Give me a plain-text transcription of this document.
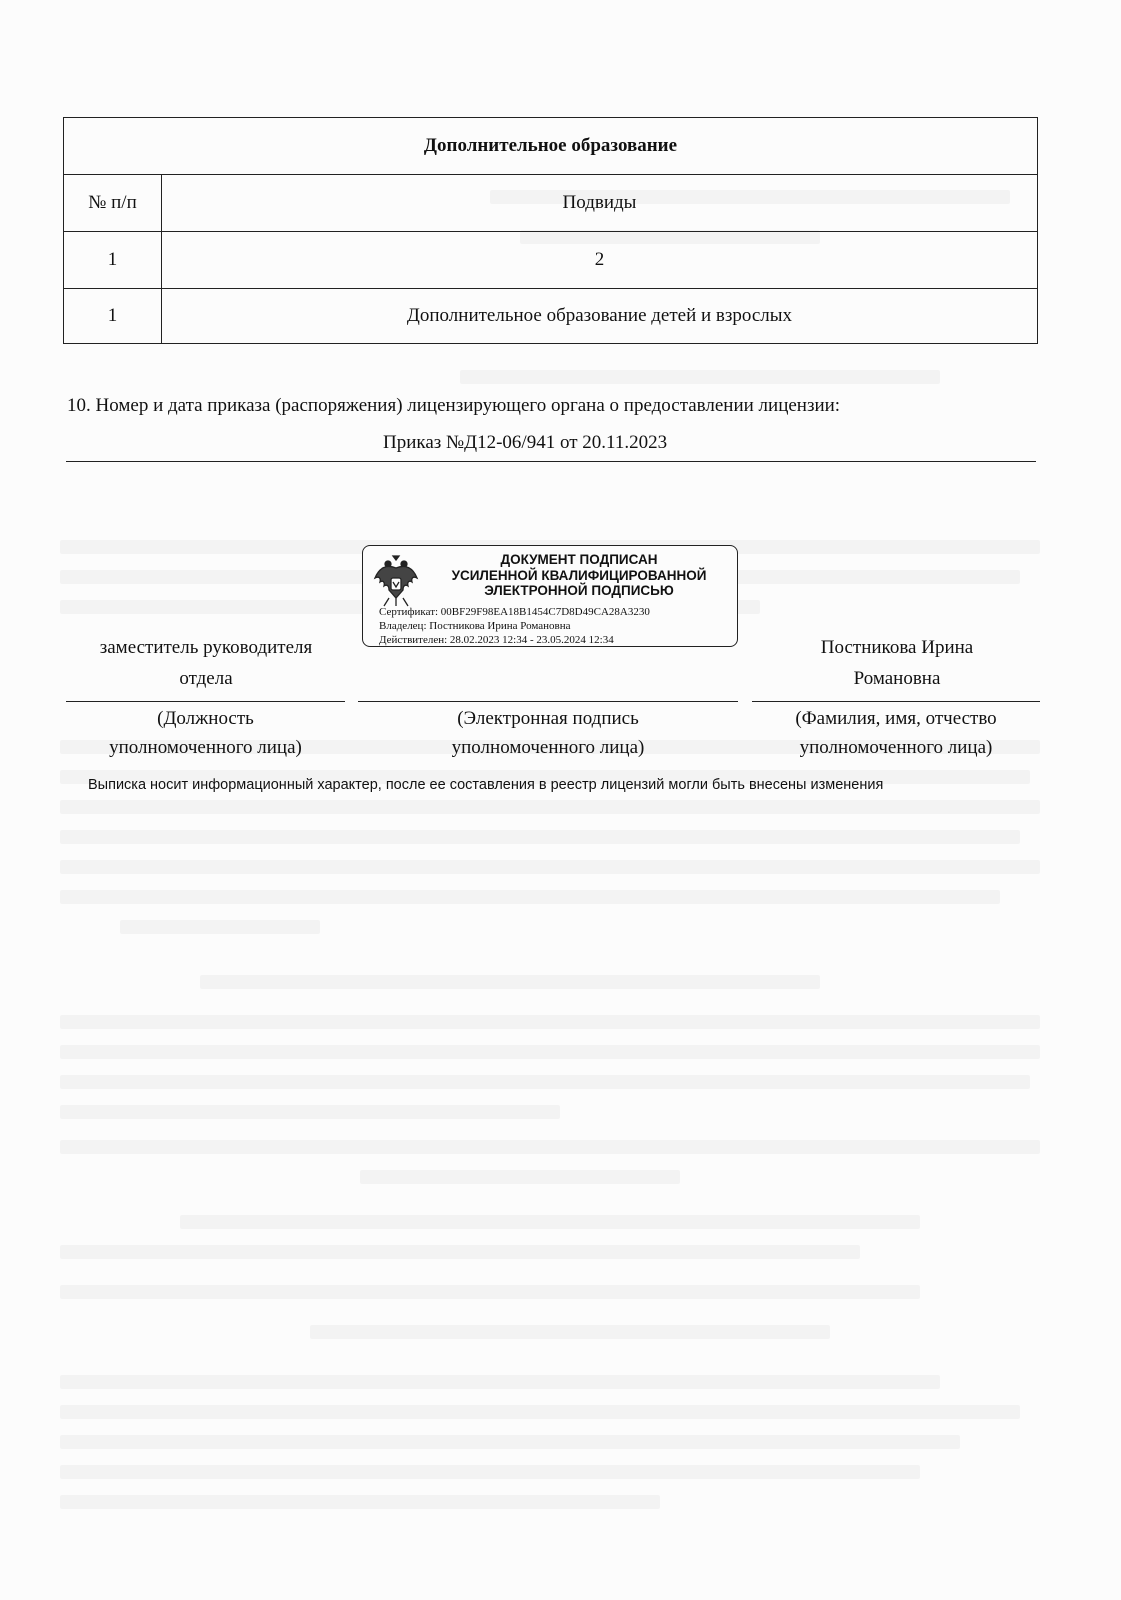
Дополнительное образование	
№ п/п	Подвиды
1	2
1	Дополнительное образование детей и взрослых
10. Номер и дата приказа (распоряжения) лицензирующего органа о предоставлении лицензии:
Приказ №Д12-06/941 от 20.11.2023
ДОКУМЕНТ ПОДПИСАН
УСИЛЕННОЙ КВАЛИФИЦИРОВАННОЙ
ЭЛЕКТРОННОЙ ПОДПИСЬЮ
Сертификат: 00BF29F98EA18B1454C7D8D49CA28A3230
Владелец: Постникова Ирина Романовна
Действителен: 28.02.2023 12:34 - 23.05.2024 12:34
заместитель руководителя
отдела
Постникова Ирина
Романовна
(Должность
уполномоченного лица)
(Электронная подпись
уполномоченного лица)
(Фамилия, имя, отчество
уполномоченного лица)
Выписка носит информационный характер, после ее составления в реестр лицензий могли быть внесены изменения
